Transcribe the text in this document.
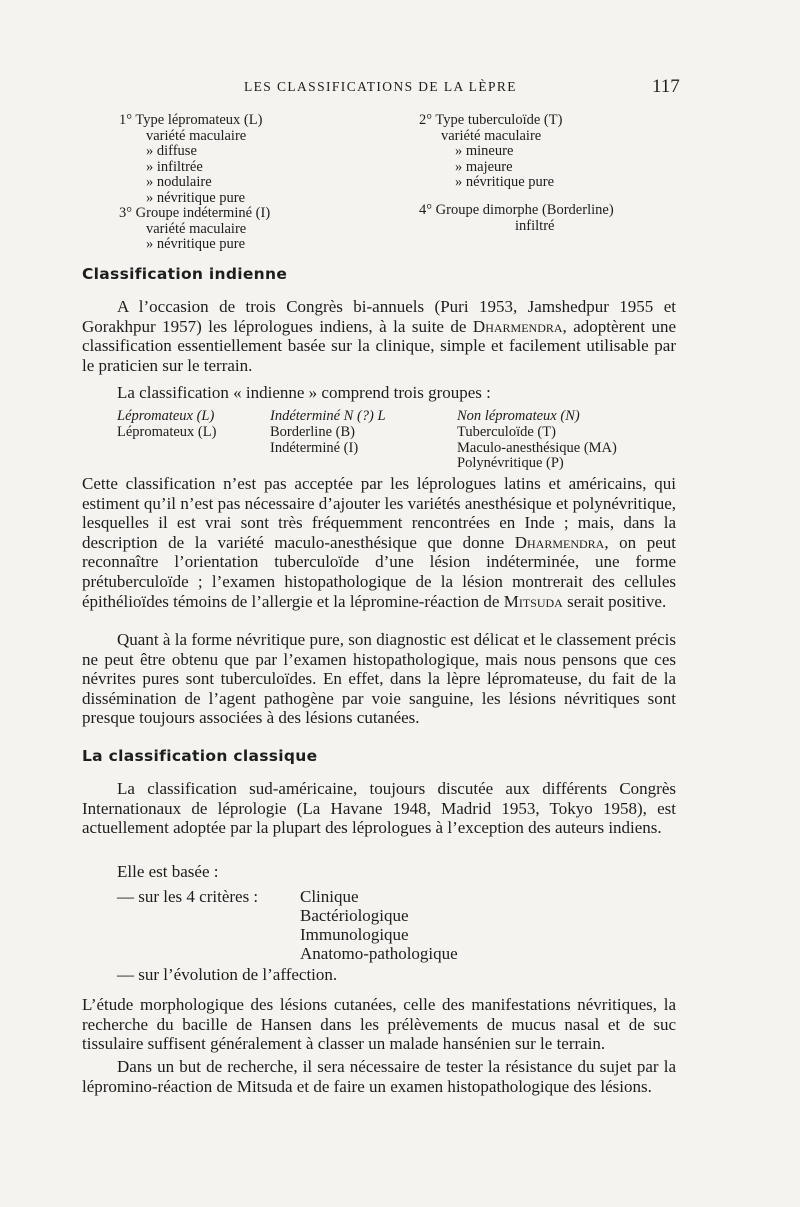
LES CLASSIFICATIONS DE LA LÈPRE	117
1° Type lépromateux (L)
variété maculaire
» diffuse
» infiltrée
» nodulaire
» névritique pure
3° Groupe indéterminé (I)
variété maculaire
» névritique pure
2° Type tuberculoïde (T)
variété maculaire
» mineure
» majeure
» névritique pure
4° Groupe dimorphe (Borderline)
infiltré
Classification indienne
A l’occasion de trois Congrès bi-annuels (Puri 1953, Jamshedpur 1955 et Gorakhpur 1957) les léprologues indiens, à la suite de Dharmendra, adoptèrent une classification essentiellement basée sur la clinique, simple et facilement utilisable par le praticien sur le terrain.
La classification « indienne » comprend trois groupes :
Lépromateux (L)
Lépromateux (L)
Indéterminé N (?) L
Borderline (B)
Indéterminé (I)
Non lépromateux (N)
Tuberculoïde (T)
Maculo-anesthésique (MA)
Polynévritique (P)
Cette classification n’est pas acceptée par les léprologues latins et américains, qui estiment qu’il n’est pas nécessaire d’ajouter les variétés anesthésique et polynévritique, lesquelles il est vrai sont très fréquemment rencontrées en Inde ; mais, dans la description de la variété maculo-anesthésique que donne Dharmendra, on peut reconnaître l’orientation tuberculoïde d’une lésion indéterminée, une forme prétuberculoïde ; l’examen histopathologique de la lésion montrerait des cellules épithélioïdes témoins de l’allergie et la lépromine-réaction de Mitsuda serait positive.
Quant à la forme névritique pure, son diagnostic est délicat et le classement précis ne peut être obtenu que par l’examen histopathologique, mais nous pensons que ces névrites pures sont tuberculoïdes. En effet, dans la lèpre lépromateuse, du fait de la dissémination de l’agent pathogène par voie sanguine, les lésions névritiques sont presque toujours associées à des lésions cutanées.
La classification classique
La classification sud-américaine, toujours discutée aux différents Congrès Internationaux de léprologie (La Havane 1948, Madrid 1953, Tokyo 1958), est actuellement adoptée par la plupart des léprologues à l’exception des auteurs indiens.
Elle est basée :
— sur les 4 critères : Clinique
Bactériologique
Immunologique
Anatomo-pathologique
— sur l’évolution de l’affection.
L’étude morphologique des lésions cutanées, celle des manifestations névritiques, la recherche du bacille de Hansen dans les prélèvements de mucus nasal et de suc tissulaire suffisent généralement à classer un malade hansénien sur le terrain.
Dans un but de recherche, il sera nécessaire de tester la résistance du sujet par la lépromino-réaction de Mitsuda et de faire un examen histopathologique des lésions.
